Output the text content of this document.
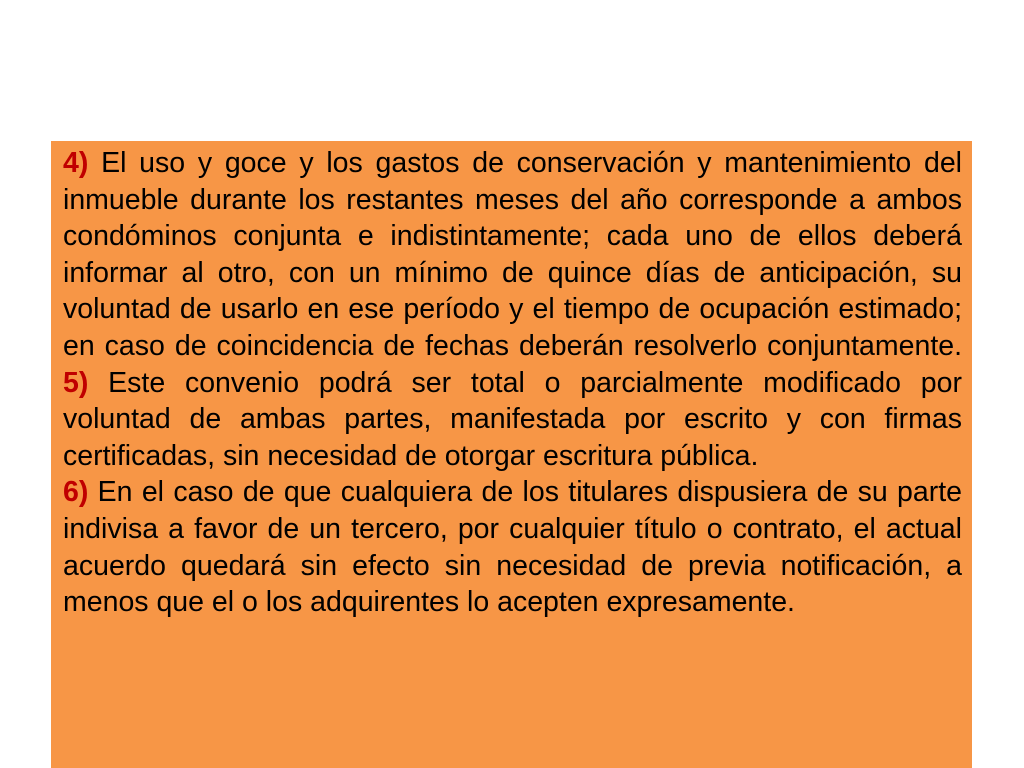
4) El uso y goce y los gastos de conservación y mantenimiento del inmueble durante los restantes meses del año corresponde a ambos condóminos conjunta e indistintamente; cada uno de ellos deberá informar al otro, con un mínimo de quince días de anticipación, su voluntad de usarlo en ese período y el tiempo de ocupación estimado; en caso de coincidencia de fechas deberán resolverlo conjuntamente. 5) Este convenio podrá ser total o parcialmente modificado por voluntad de ambas partes, manifestada por escrito y con firmas certificadas, sin necesidad de otorgar escritura pública.
6) En el caso de que cualquiera de los titulares dispusiera de su parte indivisa a favor de un tercero, por cualquier título o contrato, el actual acuerdo quedará sin efecto sin necesidad de previa notificación, a menos que el o los adquirentes lo acepten expresamente.
